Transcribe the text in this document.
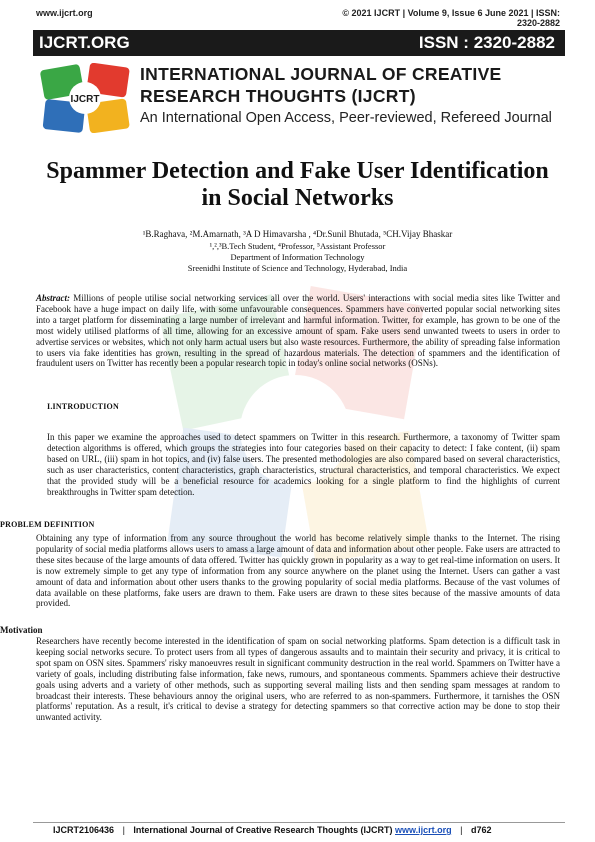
www.ijcrt.org	© 2021 IJCRT | Volume 9, Issue 6 June 2021 | ISSN: 2320-2882
IJCRT.ORG	ISSN : 2320-2882
IJCRT
INTERNATIONAL JOURNAL OF CREATIVE
RESEARCH THOUGHTS (IJCRT)
An International Open Access, Peer-reviewed, Refereed Journal
Spammer Detection and Fake User Identification
in Social Networks
¹B.Raghava, ²M.Amarnath, ³A D Himavarsha , ⁴Dr.Sunil Bhutada, ⁵CH.Vijay Bhaskar
¹,²,³B.Tech Student, ⁴Professor, ⁵Assistant Professor
Department of Information Technology
Sreenidhi Institute of Science and Technology, Hyderabad, India
Abstract: Millions of people utilise social networking services all over the world. Users' interactions with social media sites like Twitter and Facebook have a huge impact on daily life, with some unfavourable consequences. Spammers have converted popular social networking sites into a target platform for disseminating a large number of irrelevant and harmful information. Twitter, for example, has grown to be one of the most widely utilised platforms of all time, allowing for an excessive amount of spam. Fake users send unwanted tweets to users in order to advertise services or websites, which not only harm actual users but also waste resources. Furthermore, the ability of spreading false information to users via fake identities has grown, resulting in the spread of hazardous materials. The detection of spammers and the identification of fraudulent users on Twitter has recently been a popular research topic in today's online social networks (OSNs).
I.INTRODUCTION
In this paper we examine the approaches used to detect spammers on Twitter in this research. Furthermore, a taxonomy of Twitter spam detection algorithms is offered, which groups the strategies into four categories based on their capacity to detect: I fake content, (ii) spam based on URL, (iii) spam in hot topics, and (iv) false users. The presented methodologies are also compared based on several characteristics, such as user characteristics, content characteristics, graph characteristics, structural characteristics, and temporal characteristics. We expect that the provided study will be a beneficial resource for academics looking for a single platform to find the highlights of current breakthroughs in Twitter spam detection.
PROBLEM DEFINITION
Obtaining any type of information from any source throughout the world has become relatively simple thanks to the Internet. The rising popularity of social media platforms allows users to amass a large amount of data and information about other people. Fake users are attracted to these sites because of the large amounts of data offered. Twitter has quickly grown in popularity as a way to get real-time information on users. It is now extremely simple to get any type of information from any source anywhere on the planet using the Internet. Users can gather a vast amount of data and information about other users thanks to the growing popularity of social media platforms. Because of the vast volumes of data available on these platforms, fake users are drawn to them. Fake users are drawn to these sites because of the massive amounts of data provided.
Motivation
Researchers have recently become interested in the identification of spam on social networking platforms. Spam detection is a difficult task in keeping social networks secure. To protect users from all types of dangerous assaults and to maintain their security and privacy, it is critical to spot spam on OSN sites. Spammers' risky manoeuvres result in significant community destruction in the real world. Spammers on Twitter have a variety of goals, including distributing false information, fake news, rumours, and spontaneous comments. Spammers achieve their destructive goals using adverts and a variety of other methods, such as supporting several mailing lists and then sending spam messages at random to broadcast their interests. These behaviours annoy the original users, who are referred to as non-spammers. Furthermore, it tarnishes the OSN platforms' reputation. As a result, it's critical to devise a strategy for detecting spammers so that corrective action may be done to stop their unwanted activity.
IJCRT2106436 | International Journal of Creative Research Thoughts (IJCRT) www.ijcrt.org | d762
